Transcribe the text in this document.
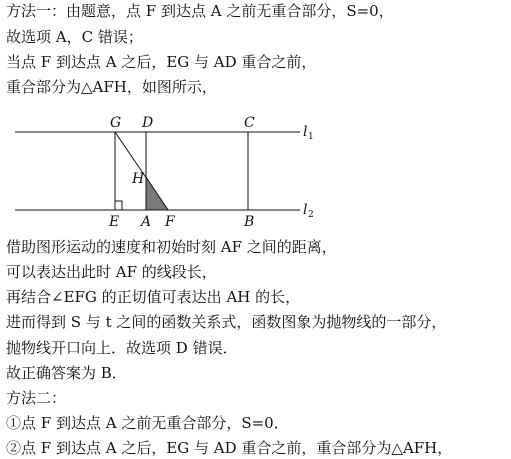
方法一：由题意，点 F 到达点 A 之前无重合部分，S=0，
故选项 A，C 错误；
当点 F 到达点 A 之后，EG 与 AD 重合之前，
重合部分为△AFH，如图所示，
G D	C
H
E A F	B
l 1
l 2
借助图形运动的速度和初始时刻 AF 之间的距离，
可以表达出此时 AF 的线段长，
再结合∠EFG 的正切值可表达出 AH 的长，
进而得到 S 与 t 之间的函数关系式，函数图象为抛物线的一部分，
抛物线开口向上．故选项 D 错误．
故正确答案为 B．
方法二：
①点 F 到达点 A 之前无重合部分，S=0．
②点 F 到达点 A 之后，EG 与 AD 重合之前，重合部分为△AFH，
